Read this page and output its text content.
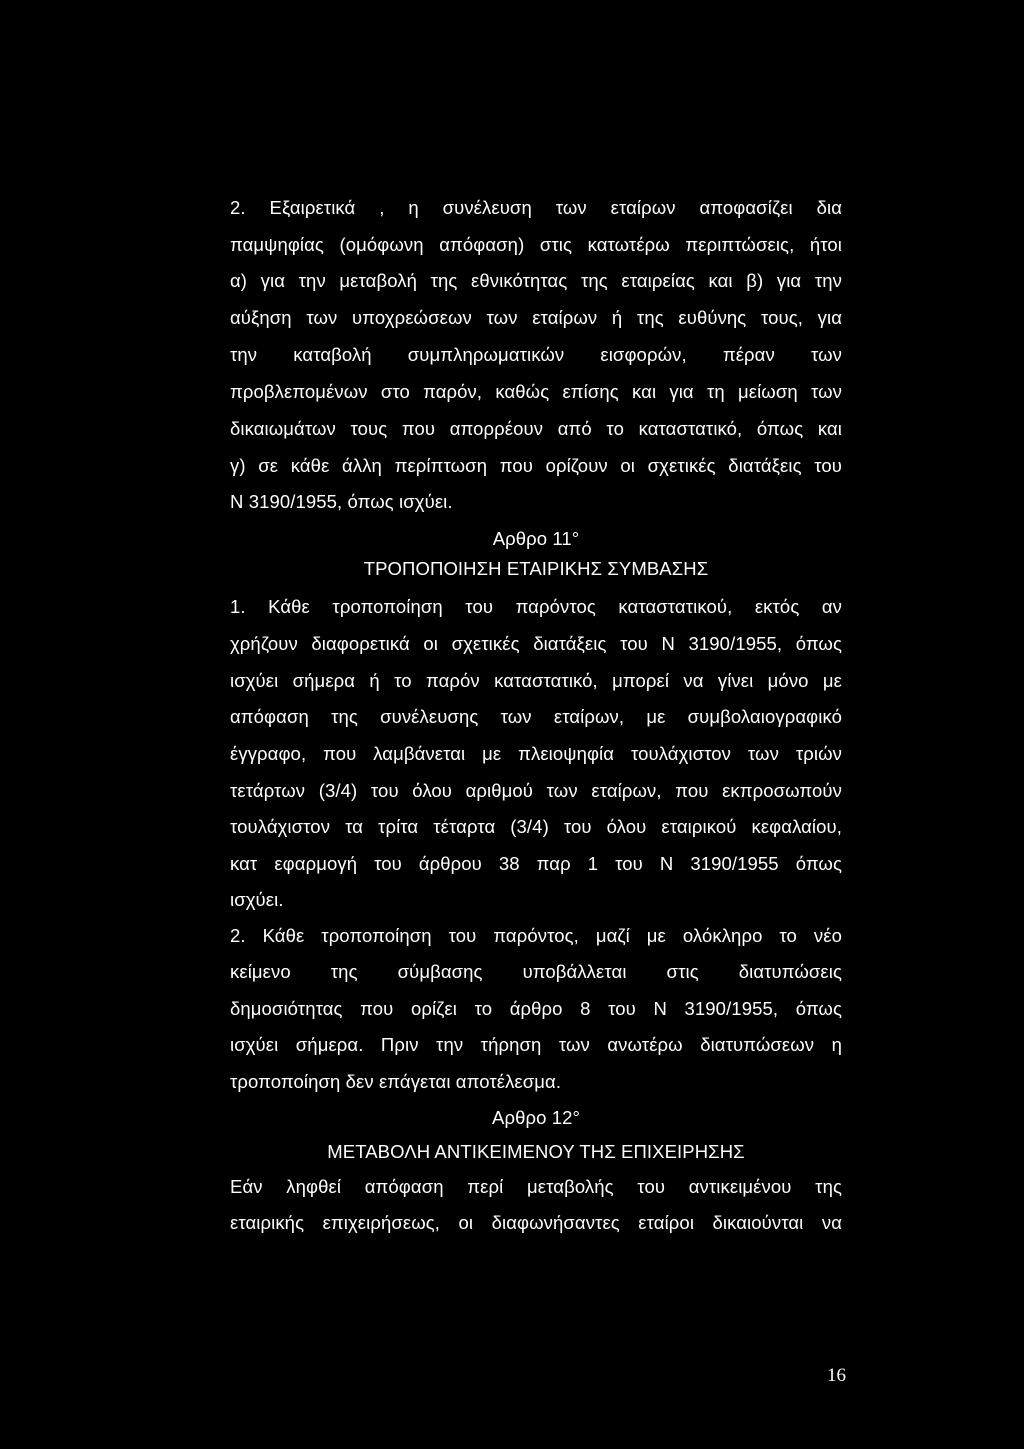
2. Εξαιρετικά , η συνέλευση των εταίρων αποφασίζει δια
παμψηφίας (ομόφωνη απόφαση) στις κατωτέρω περιπτώσεις, ήτοι
α) για την μεταβολή της εθνικότητας της εταιρείας και β) για την
αύξηση των υποχρεώσεων των εταίρων ή της ευθύνης τους, για
την καταβολή συμπληρωματικών εισφορών, πέραν των
προβλεπομένων στο παρόν, καθώς επίσης και για τη μείωση των
δικαιωμάτων τους που απορρέουν από το καταστατικό, όπως και
γ) σε κάθε άλλη περίπτωση που ορίζουν οι σχετικές διατάξεις του
Ν 3190/1955, όπως ισχύει.
Αρθρο 11°
ΤΡΟΠΟΠΟΙΗΣΗ ΕΤΑΙΡΙΚΗΣ ΣΥΜΒΑΣΗΣ
1. Κάθε τροποποίηση του παρόντος καταστατικού, εκτός αν
χρήζουν διαφορετικά οι σχετικές διατάξεις του Ν 3190/1955, όπως
ισχύει σήμερα ή το παρόν καταστατικό, μπορεί να γίνει μόνο με
απόφαση της συνέλευσης των εταίρων, με συμβολαιογραφικό
έγγραφο, που λαμβάνεται με πλειοψηφία τουλάχιστον των τριών
τετάρτων (3/4) του όλου αριθμού των εταίρων, που εκπροσωπούν
τουλάχιστον τα τρίτα τέταρτα (3/4) του όλου εταιρικού κεφαλαίου,
κατ εφαρμογή του άρθρου 38 παρ 1 του Ν 3190/1955 όπως
ισχύει.
2. Κάθε τροποποίηση του παρόντος, μαζί με ολόκληρο το νέο
κείμενο της σύμβασης υποβάλλεται στις διατυπώσεις
δημοσιότητας που ορίζει το άρθρο 8 του Ν 3190/1955, όπως
ισχύει σήμερα. Πριν την τήρηση των ανωτέρω διατυπώσεων η
τροποποίηση δεν επάγεται αποτέλεσμα.
Αρθρο 12°
ΜΕΤΑΒΟΛΗ ΑΝΤΙΚΕΙΜΕΝΟΥ ΤΗΣ ΕΠΙΧΕΙΡΗΣΗΣ
Εάν ληφθεί απόφαση περί μεταβολής του αντικειμένου της
εταιρικής επιχειρήσεως, οι διαφωνήσαντες εταίροι δικαιούνται να
16
